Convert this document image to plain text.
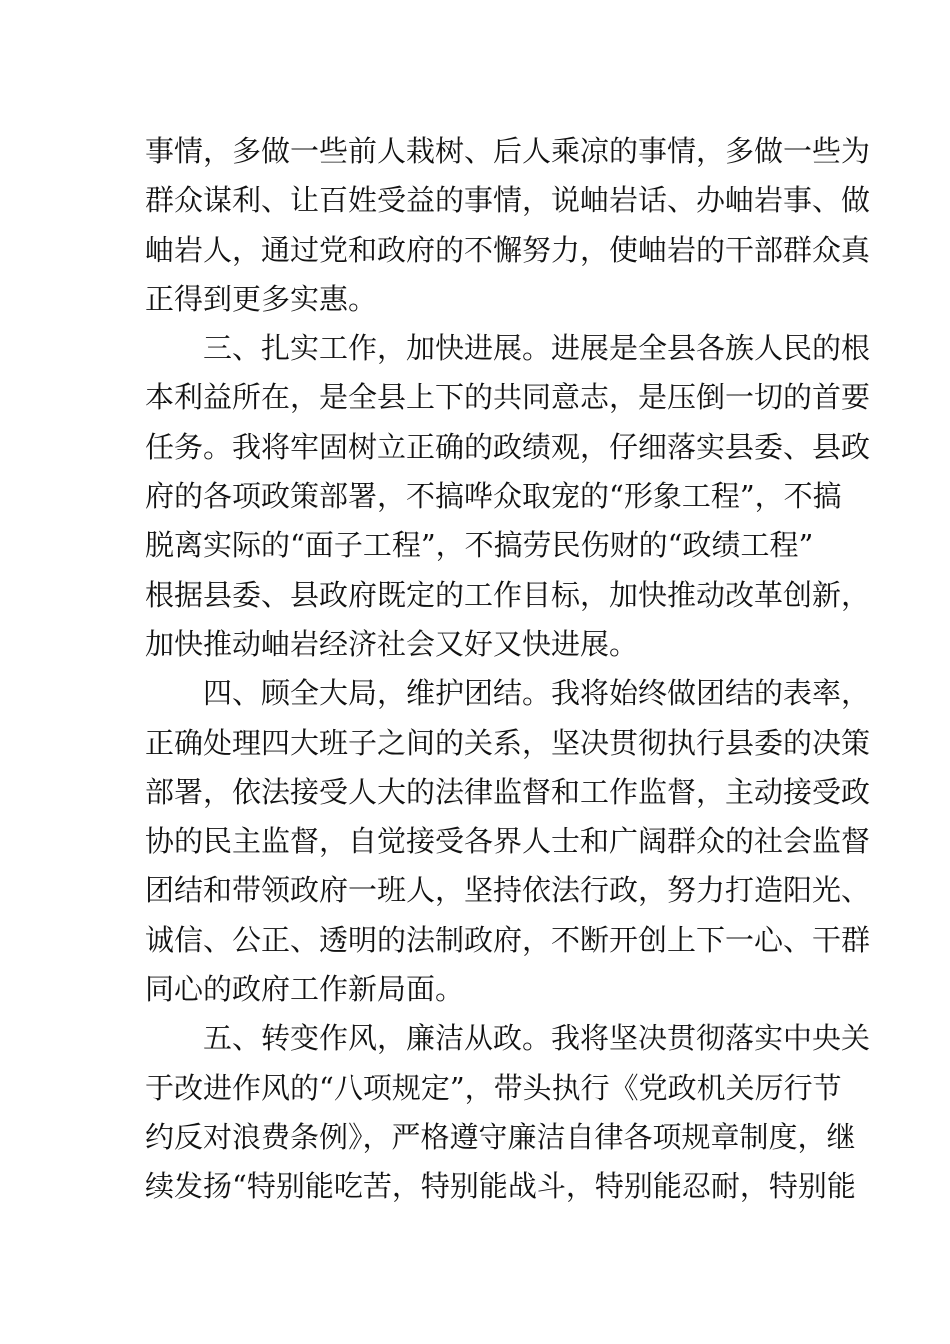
事情，多做一些前人栽树、后人乘凉的事情，多做一些为
群众谋利、让百姓受益的事情，说岫岩话、办岫岩事、做
岫岩人，通过党和政府的不懈努力，使岫岩的干部群众真
正得到更多实惠。
　　三、扎实工作，加快进展。进展是全县各族人民的根
本利益所在，是全县上下的共同意志，是压倒一切的首要
任务。我将牢固树立正确的政绩观，仔细落实县委、县政
府的各项政策部署，不搞哗众取宠的“形象工程”，不搞
脱离实际的“面子工程”，不搞劳民伤财的“政绩工程”
根据县委、县政府既定的工作目标，加快推动改革创新，
加快推动岫岩经济社会又好又快进展。
　　四、顾全大局，维护团结。我将始终做团结的表率，
正确处理四大班子之间的关系，坚决贯彻执行县委的决策
部署，依法接受人大的法律监督和工作监督，主动接受政
协的民主监督，自觉接受各界人士和广阔群众的社会监督
团结和带领政府一班人，坚持依法行政，努力打造阳光、
诚信、公正、透明的法制政府，不断开创上下一心、干群
同心的政府工作新局面。
　　五、转变作风，廉洁从政。我将坚决贯彻落实中央关
于改进作风的“八项规定”，带头执行《党政机关厉行节
约反对浪费条例》，严格遵守廉洁自律各项规章制度，继
续发扬“特别能吃苦，特别能战斗，特别能忍耐，特别能
